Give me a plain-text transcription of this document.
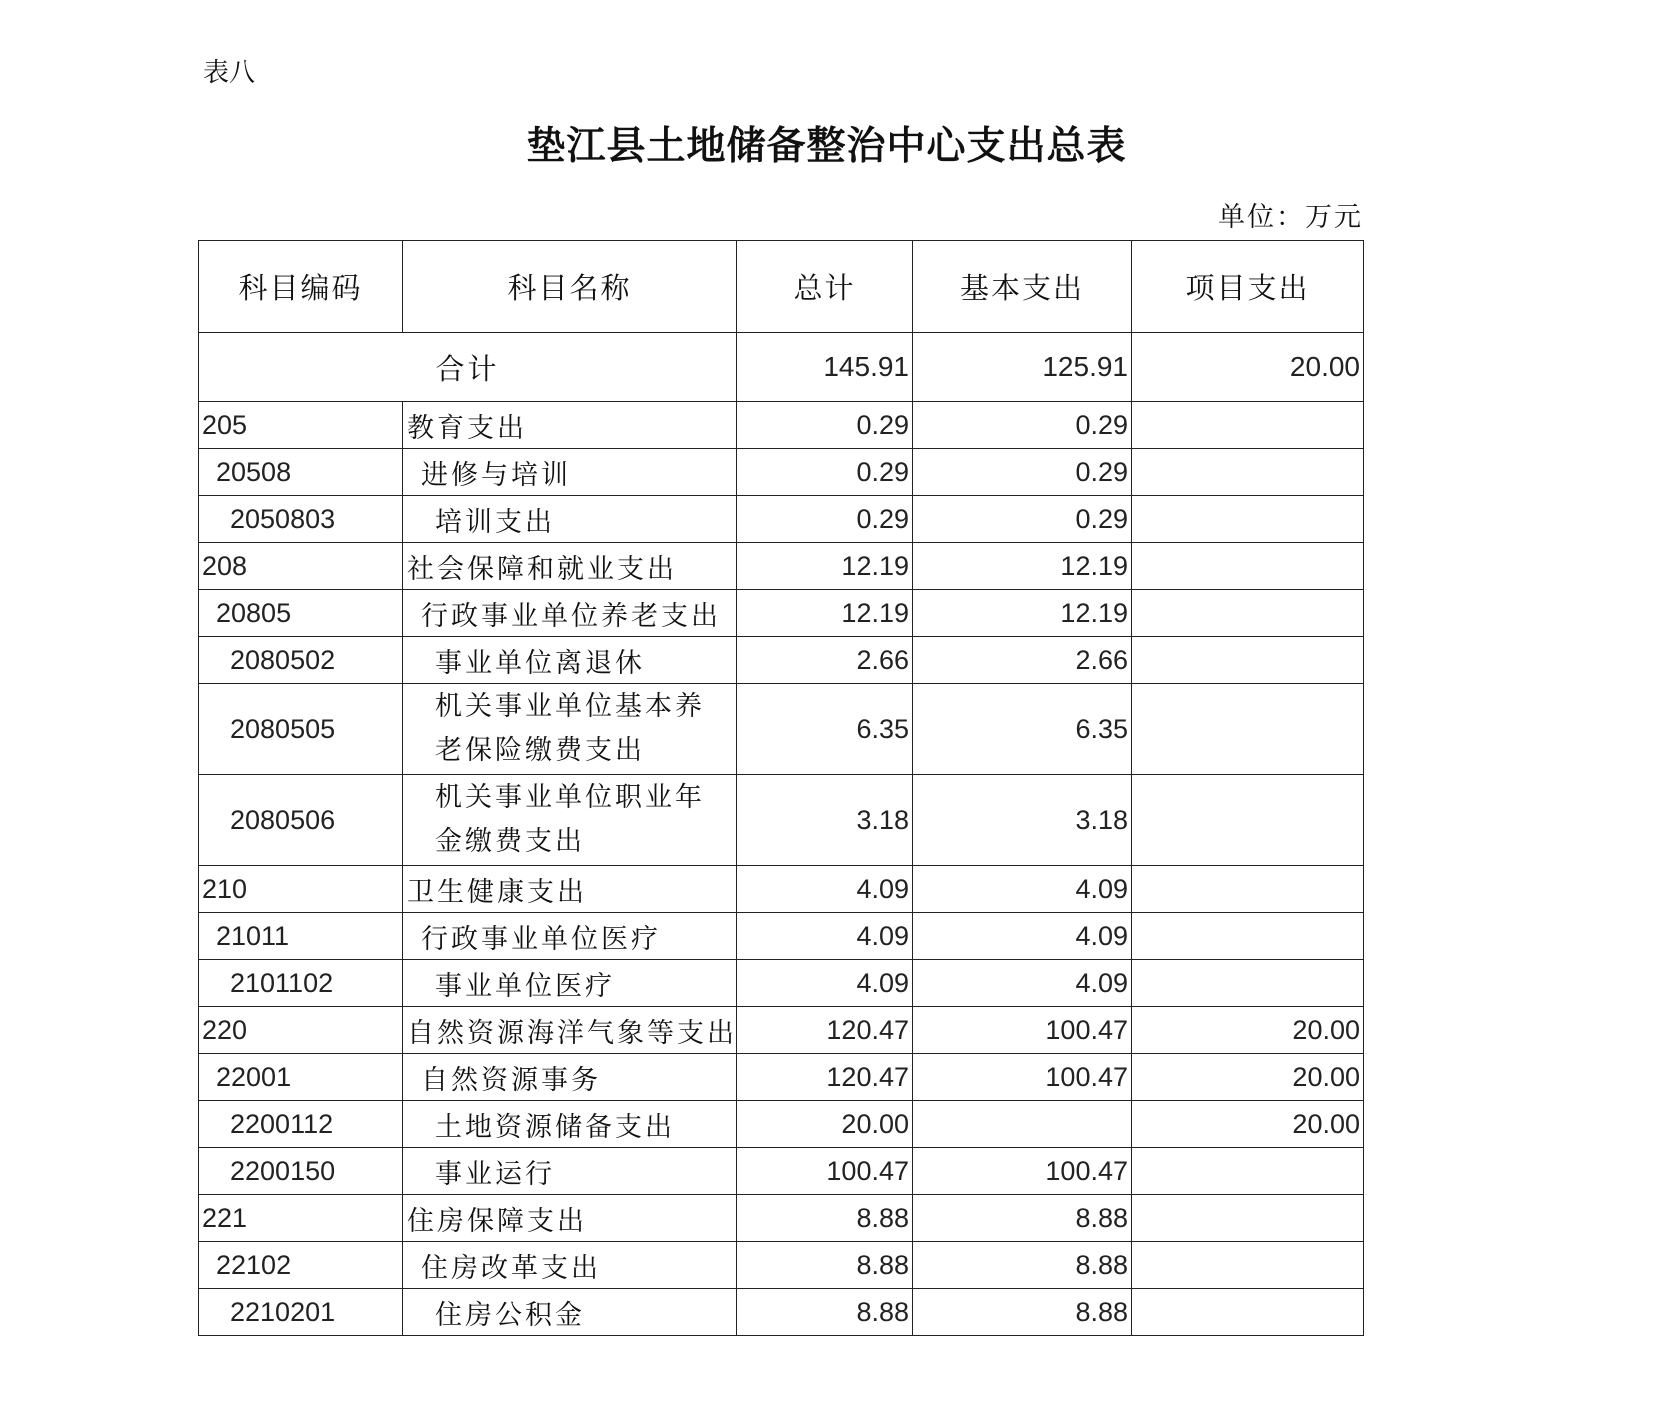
表八
垫江县土地储备整治中心支出总表
单位：万元
科目编码	科目名称	总计	基本支出	项目支出
合计		145.91	125.91	20.00
205	教育支出	0.29	0.29	
20508	进修与培训	0.29	0.29	
2050803	培训支出	0.29	0.29	
208	社会保障和就业支出	12.19	12.19	
20805	行政事业单位养老支出	12.19	12.19	
2080502	事业单位离退休	2.66	2.66	
2080505	机关事业单位基本养老保险缴费支出	6.35	6.35	
2080506	机关事业单位职业年金缴费支出	3.18	3.18	
210	卫生健康支出	4.09	4.09	
21011	行政事业单位医疗	4.09	4.09	
2101102	事业单位医疗	4.09	4.09	
220	自然资源海洋气象等支出	120.47	100.47	20.00
22001	自然资源事务	120.47	100.47	20.00
2200112	土地资源储备支出	20.00		20.00
2200150	事业运行	100.47	100.47	
221	住房保障支出	8.88	8.88	
22102	住房改革支出	8.88	8.88	
2210201	住房公积金	8.88	8.88	
